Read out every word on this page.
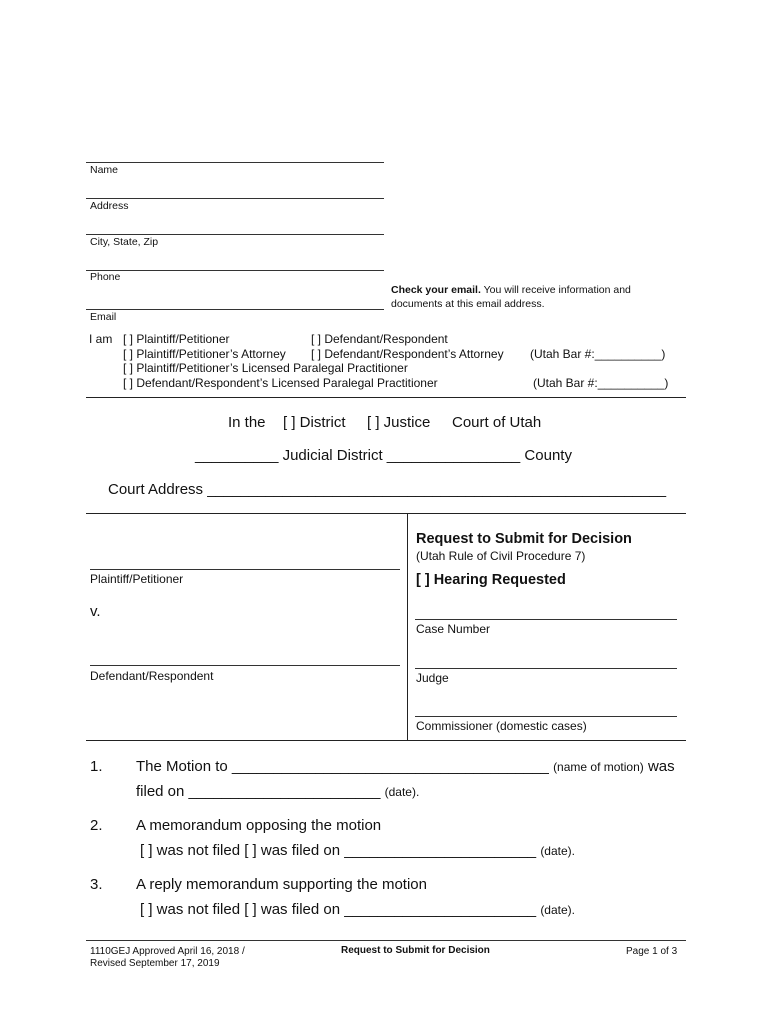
Name
Address
City, State, Zip
Phone
Email
Check your email. You will receive information and
documents at this email address.
I am [ ] Plaintiff/Petitioner	[ ] Defendant/Respondent
[ ] Plaintiff/Petitioner’s Attorney [ ] Defendant/Respondent’s Attorney (Utah Bar #:__________)
[ ] Plaintiff/Petitioner’s Licensed Paralegal Practitioner
[ ] Defendant/Respondent’s Licensed Paralegal Practitioner	(Utah Bar #:__________)
In the [ ] District [ ] Justice Court of Utah
__________ Judicial District ________________ County
Court Address _______________________________________________________
Plaintiff/Petitioner
v.
Defendant/Respondent
Request to Submit for Decision
(Utah Rule of Civil Procedure 7)
[ ] Hearing Requested
Case Number
Judge
Commissioner (domestic cases)
1. The Motion to ______________________________________ (name of motion) was
filed on _______________________ (date).
2. A memorandum opposing the motion
[ ] was not filed [ ] was filed on _______________________ (date).
3. A reply memorandum supporting the motion
[ ] was not filed [ ] was filed on _______________________ (date).
1110GEJ Approved April 16, 2018 /
Revised September 17, 2019
Request to Submit for Decision	Page 1 of 3
